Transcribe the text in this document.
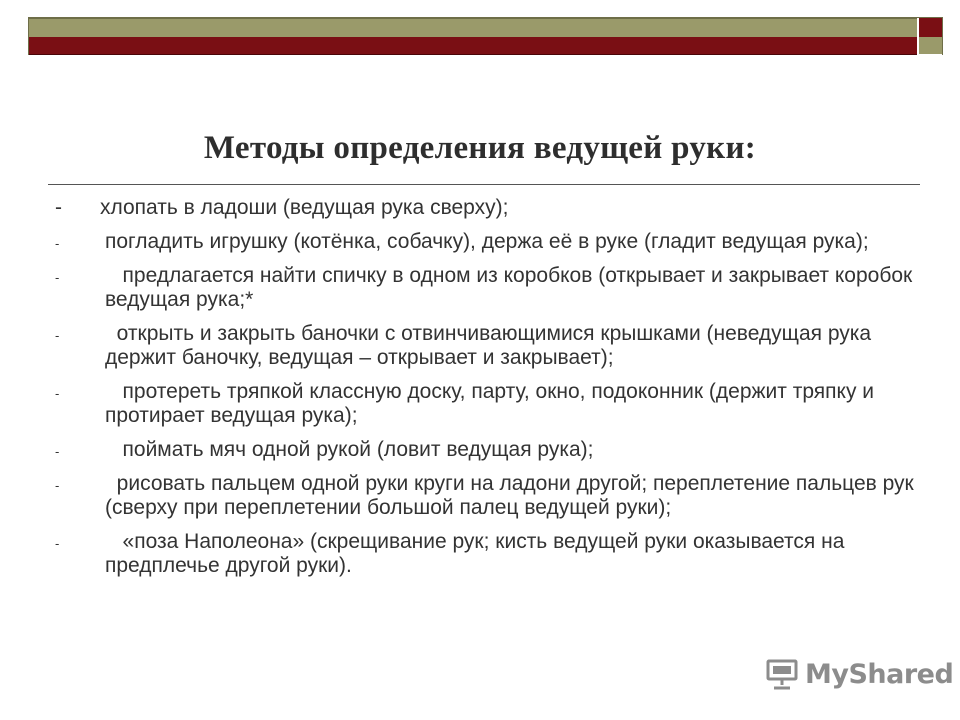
Методы определения ведущей руки:
- хлопать в ладоши (ведущая рука сверху);
- погладить игрушку (котёнка, собачку), держа её в руке (гладит ведущая рука);
- предлагается найти спичку в одном из коробков (открывает и закрывает коробок ведущая рука;*
- открыть и закрыть баночки с отвинчивающимися крышками (неведущая рука держит баночку, ведущая – открывает и закрывает);
- протереть тряпкой классную доску, парту, окно, подоконник (держит тряпку и протирает ведущая рука);
- поймать мяч одной рукой (ловит ведущая рука);
- рисовать пальцем одной руки круги на ладони другой; переплетение пальцев рук (сверху при переплетении большой палец ведущей руки);
- «поза Наполеона» (скрещивание рук; кисть ведущей руки оказывается на предплечье другой руки).
MyShared
